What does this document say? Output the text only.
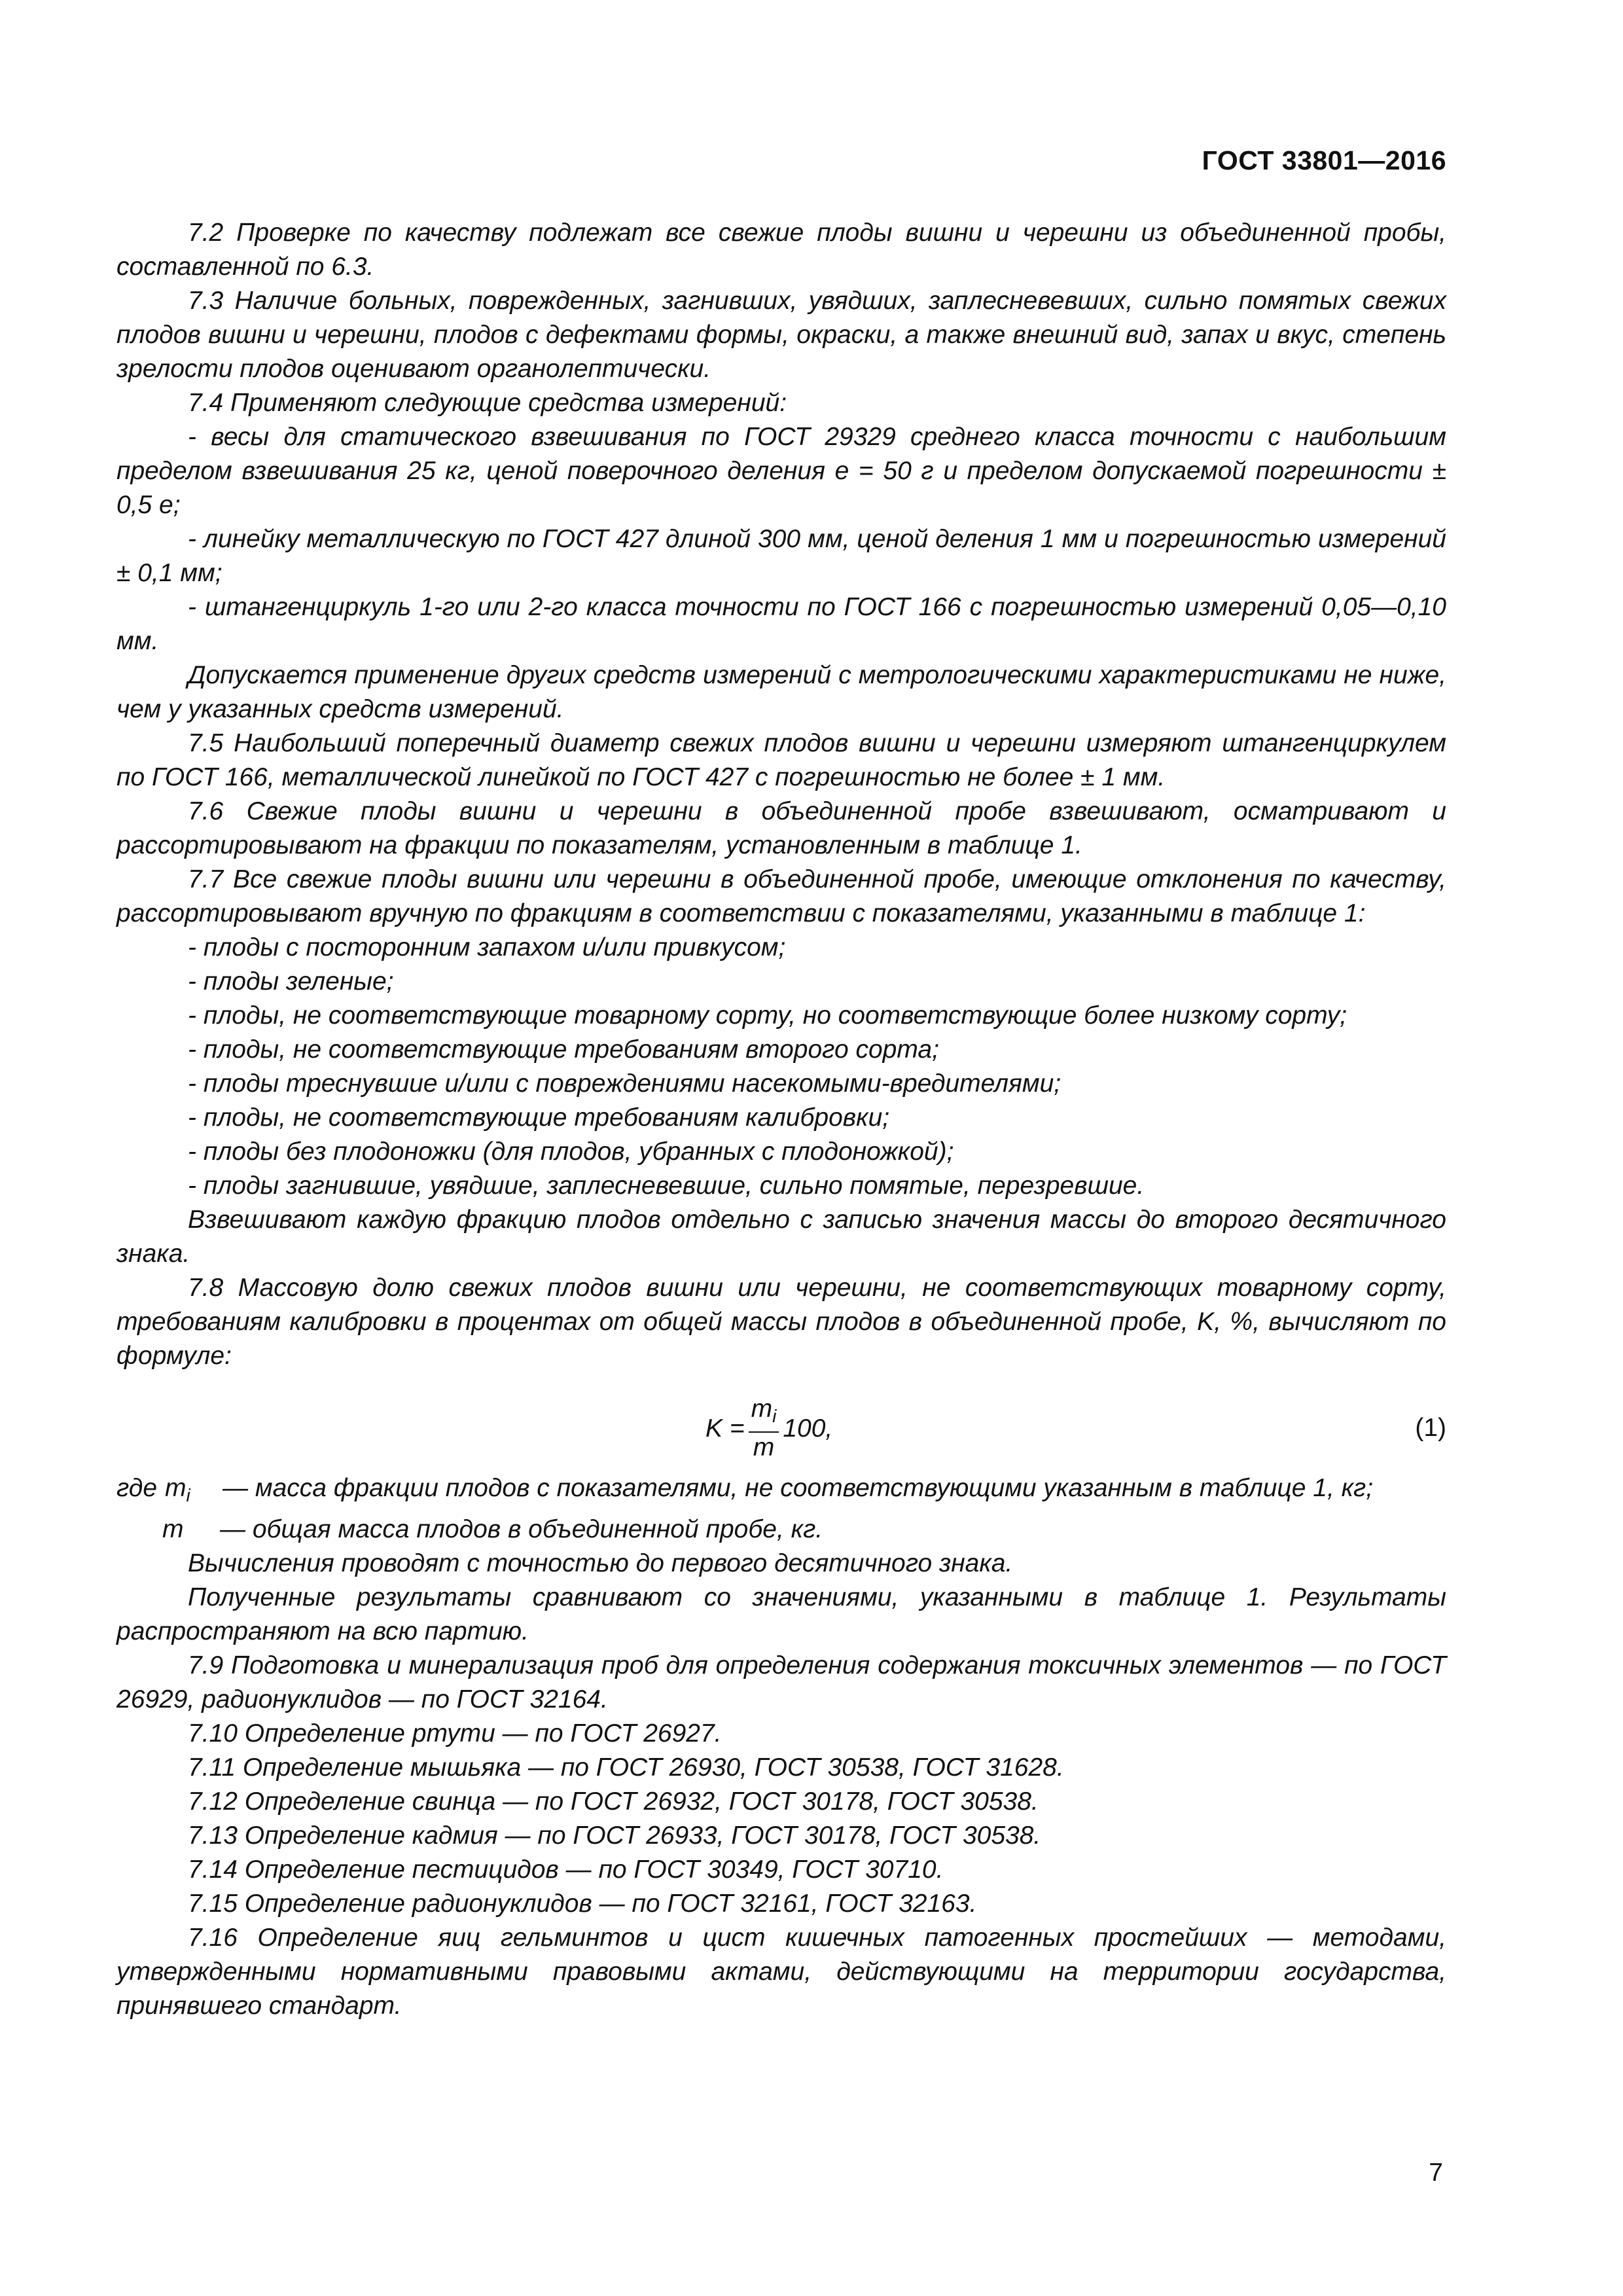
ГОСТ 33801—2016

7.2 Проверке по качеству подлежат все свежие плоды вишни и черешни из объединенной пробы, составленной по 6.3.

7.3 Наличие больных, поврежденных, загнивших, увядших, заплесневевших, сильно помятых свежих плодов вишни и черешни, плодов с дефектами формы, окраски, а также внешний вид, запах и вкус, степень зрелости плодов оценивают органолептически.

7.4 Применяют следующие средства измерений:

- весы для статического взвешивания по ГОСТ 29329 среднего класса точности с наибольшим пределом взвешивания 25 кг, ценой поверочного деления е = 50 г и пределом допускаемой погрешности ± 0,5 е;

- линейку металлическую по ГОСТ 427 длиной 300 мм, ценой деления 1 мм и погрешностью измерений ± 0,1 мм;

- штангенциркуль 1-го или 2-го класса точности по ГОСТ 166 с погрешностью измерений 0,05—0,10 мм.

Допускается применение других средств измерений с метрологическими характеристиками не ниже, чем у указанных средств измерений.

7.5 Наибольший поперечный диаметр свежих плодов вишни и черешни измеряют штангенциркулем по ГОСТ 166, металлической линейкой по ГОСТ 427 с погрешностью не более ± 1 мм.

7.6 Свежие плоды вишни и черешни в объединенной пробе взвешивают, осматривают и рассортировывают на фракции по показателям, установленным в таблице 1.

7.7 Все свежие плоды вишни или черешни в объединенной пробе, имеющие отклонения по качеству, рассортировывают вручную по фракциям в соответствии с показателями, указанными в таблице 1:

- плоды с посторонним запахом и/или привкусом;

- плоды зеленые;

- плоды, не соответствующие товарному сорту, но соответствующие более низкому сорту;

- плоды, не соответствующие требованиям второго сорта;

- плоды треснувшие и/или с повреждениями насекомыми-вредителями;

- плоды, не соответствующие требованиям калибровки;

- плоды без плодоножки (для плодов, убранных с плодоножкой);

- плоды загнившие, увядшие, заплесневевшие, сильно помятые, перезревшие.

Взвешивают каждую фракцию плодов отдельно с записью значения массы до второго десятичного знака.

7.8 Массовую долю свежих плодов вишни или черешни, не соответствующих товарному сорту, требованиям калибровки в процентах от общей массы плодов в объединенной пробе, K, %, вычисляют по формуле:

$K = \frac{m_i}{m} 100$,	(1)

где $m_i$	— масса фракции плодов с показателями, не соответствующими указанным в таблице 1, кг;

m	— общая масса плодов в объединенной пробе, кг.

Вычисления проводят с точностью до первого десятичного знака.

Полученные результаты сравнивают со значениями, указанными в таблице 1. Результаты распространяют на всю партию.

7.9 Подготовка и минерализация проб для определения содержания токсичных элементов — по ГОСТ 26929, радионуклидов — по ГОСТ 32164.

7.10 Определение ртути — по ГОСТ 26927.

7.11 Определение мышьяка — по ГОСТ 26930, ГОСТ 30538, ГОСТ 31628.

7.12 Определение свинца — по ГОСТ 26932, ГОСТ 30178, ГОСТ 30538.

7.13 Определение кадмия — по ГОСТ 26933, ГОСТ 30178, ГОСТ 30538.

7.14 Определение пестицидов — по ГОСТ 30349, ГОСТ 30710.

7.15 Определение радионуклидов — по ГОСТ 32161, ГОСТ 32163.

7.16 Определение яиц гельминтов и цист кишечных патогенных простейших — методами, утвержденными нормативными правовыми актами, действующими на территории государства, принявшего стандарт.

7
